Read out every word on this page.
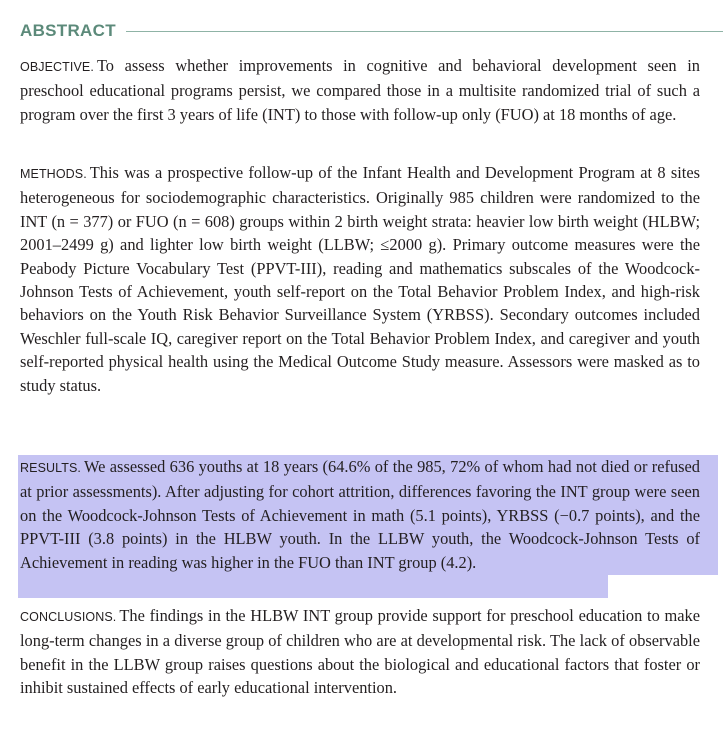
ABSTRACT

OBJECTIVE. To assess whether improvements in cognitive and behavioral development seen in preschool educational programs persist, we compared those in a multisite randomized trial of such a program over the first 3 years of life (INT) to those with follow-up only (FUO) at 18 months of age.

METHODS. This was a prospective follow-up of the Infant Health and Development Program at 8 sites heterogeneous for sociodemographic characteristics. Originally 985 children were randomized to the INT (n = 377) or FUO (n = 608) groups within 2 birth weight strata: heavier low birth weight (HLBW; 2001–2499 g) and lighter low birth weight (LLBW; ≤2000 g). Primary outcome measures were the Peabody Picture Vocabulary Test (PPVT-III), reading and mathematics subscales of the Woodcock-Johnson Tests of Achievement, youth self-report on the Total Behavior Problem Index, and high-risk behaviors on the Youth Risk Behavior Surveillance System (YRBSS). Secondary outcomes included Weschler full-scale IQ, caregiver report on the Total Behavior Problem Index, and caregiver and youth self-reported physical health using the Medical Outcome Study measure. Assessors were masked as to study status.

RESULTS. We assessed 636 youths at 18 years (64.6% of the 985, 72% of whom had not died or refused at prior assessments). After adjusting for cohort attrition, differences favoring the INT group were seen on the Woodcock-Johnson Tests of Achievement in math (5.1 points), YRBSS (−0.7 points), and the PPVT-III (3.8 points) in the HLBW youth. In the LLBW youth, the Woodcock-Johnson Tests of Achievement in reading was higher in the FUO than INT group (4.2).

CONCLUSIONS. The findings in the HLBW INT group provide support for preschool education to make long-term changes in a diverse group of children who are at developmental risk. The lack of observable benefit in the LLBW group raises questions about the biological and educational factors that foster or inhibit sustained effects of early educational intervention.
